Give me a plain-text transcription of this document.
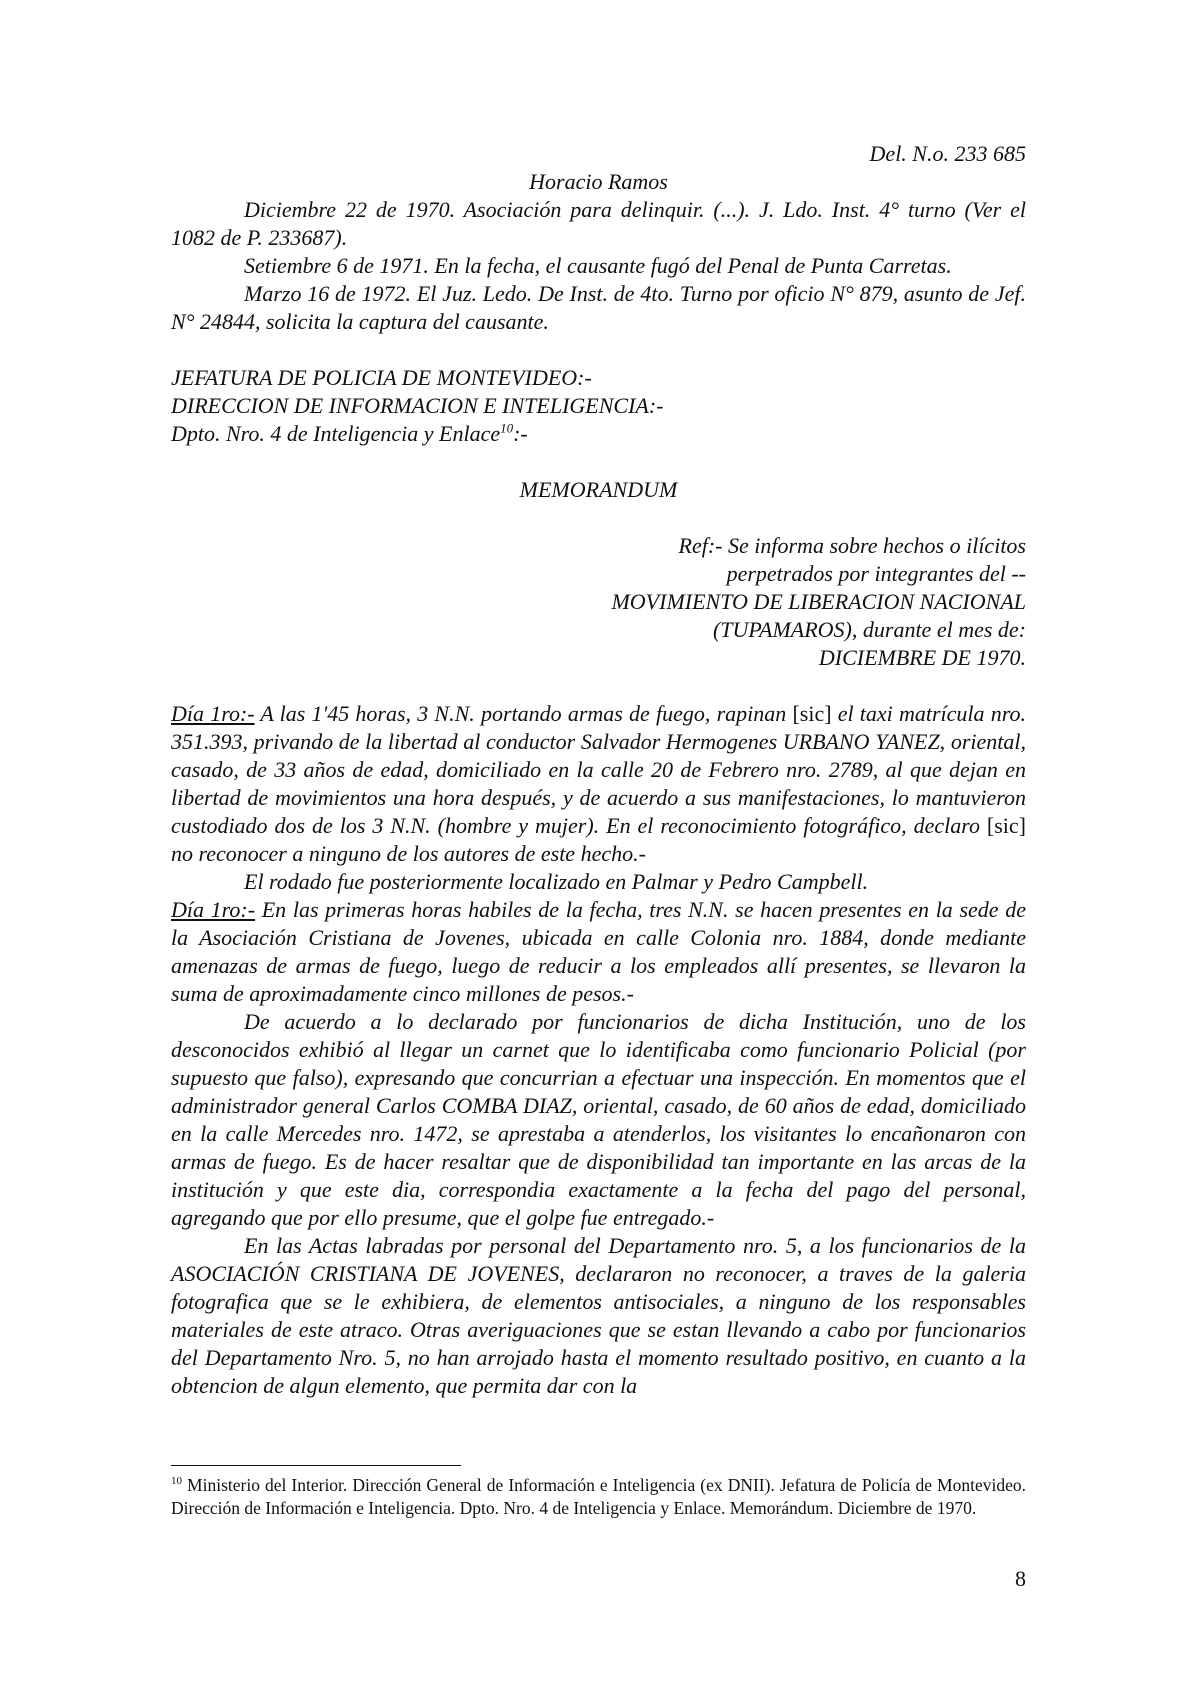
Del. N.o. 233 685

Horacio Ramos

Diciembre 22 de 1970. Asociación para delinquir. (...). J. Ldo. Inst. 4° turno (Ver el 1082 de P. 233687).

Setiembre 6 de 1971. En la fecha, el causante fugó del Penal de Punta Carretas.

Marzo 16 de 1972. El Juz. Ledo. De Inst. de 4to. Turno por oficio N° 879, asunto de Jef. N° 24844, solicita la captura del causante.

JEFATURA DE POLICIA DE MONTEVIDEO:-

DIRECCION DE INFORMACION E INTELIGENCIA:-

Dpto. Nro. 4 de Inteligencia y Enlace$^{10}$:-

MEMORANDUM

Ref:- Se informa sobre hechos o ilícitos

perpetrados por integrantes del --

MOVIMIENTO DE LIBERACION NACIONAL

(TUPAMAROS), durante el mes de:

DICIEMBRE DE 1970.

Día 1ro:- A las 1'45 horas, 3 N.N. portando armas de fuego, rapinan [sic] el taxi matrícula nro. 351.393, privando de la libertad al conductor Salvador Hermogenes URBANO YANEZ, oriental, casado, de 33 años de edad, domiciliado en la calle 20 de Febrero nro. 2789, al que dejan en libertad de movimientos una hora después, y de acuerdo a sus manifestaciones, lo mantuvieron custodiado dos de los 3 N.N. (hombre y mujer). En el reconocimiento fotográfico, declaro [sic] no reconocer a ninguno de los autores de este hecho.-

El rodado fue posteriormente localizado en Palmar y Pedro Campbell.

Día 1ro:- En las primeras horas habiles de la fecha, tres N.N. se hacen presentes en la sede de la Asociación Cristiana de Jovenes, ubicada en calle Colonia nro. 1884, donde mediante amenazas de armas de fuego, luego de reducir a los empleados allí presentes, se llevaron la suma de aproximadamente cinco millones de pesos.-

De acuerdo a lo declarado por funcionarios de dicha Institución, uno de los desconocidos exhibió al llegar un carnet que lo identificaba como funcionario Policial (por supuesto que falso), expresando que concurrian a efectuar una inspección. En momentos que el administrador general Carlos COMBA DIAZ, oriental, casado, de 60 años de edad, domiciliado en la calle Mercedes nro. 1472, se aprestaba a atenderlos, los visitantes lo encañonaron con armas de fuego. Es de hacer resaltar que de disponibilidad tan importante en las arcas de la institución y que este dia, correspondia exactamente a la fecha del pago del personal, agregando que por ello presume, que el golpe fue entregado.-

En las Actas labradas por personal del Departamento nro. 5, a los funcionarios de la ASOCIACIÓN CRISTIANA DE JOVENES, declararon no reconocer, a traves de la galeria fotografica que se le exhibiera, de elementos antisociales, a ninguno de los responsables materiales de este atraco. Otras averiguaciones que se estan llevando a cabo por funcionarios del Departamento Nro. 5, no han arrojado hasta el momento resultado positivo, en cuanto a la obtencion de algun elemento, que permita dar con la

$^{10}$ Ministerio del Interior. Dirección General de Información e Inteligencia (ex DNII). Jefatura de Policía de Montevideo. Dirección de Información e Inteligencia. Dpto. Nro. 4 de Inteligencia y Enlace. Memorándum. Diciembre de 1970.
8
